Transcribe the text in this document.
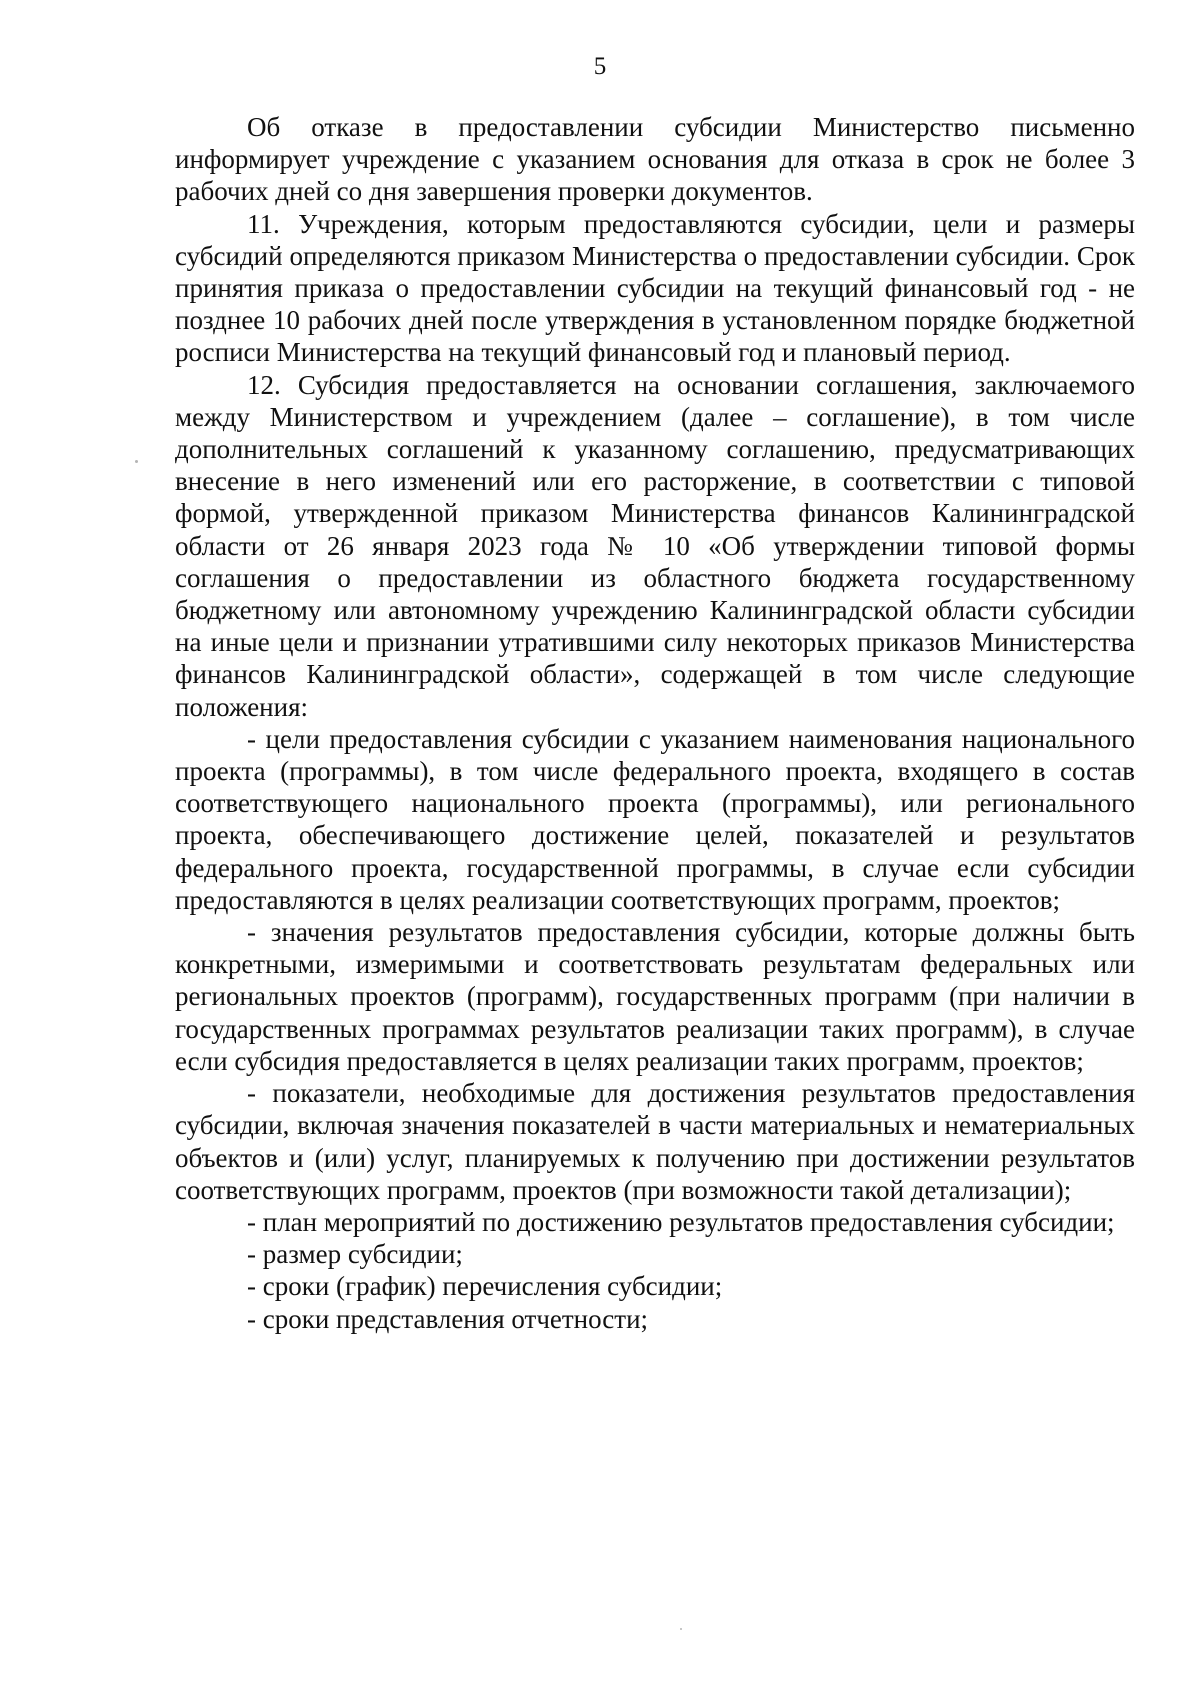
5

Об отказе в предоставлении субсидии Министерство письменно информирует учреждение с указанием основания для отказа в срок не более 3 рабочих дней со дня завершения проверки документов.

11. Учреждения, которым предоставляются субсидии, цели и размеры субсидий определяются приказом Министерства о предоставлении субсидии. Срок принятия приказа о предоставлении субсидии на текущий финансовый год - не позднее 10 рабочих дней после утверждения в установленном порядке бюджетной росписи Министерства на текущий финансовый год и плановый период.

12. Субсидия предоставляется на основании соглашения, заключаемого между Министерством и учреждением (далее – соглашение), в том числе дополнительных соглашений к указанному соглашению, предусматривающих внесение в него изменений или его расторжение, в соответствии с типовой формой, утвержденной приказом Министерства финансов Калининградской области от 26 января 2023 года № 10 «Об утверждении типовой формы соглашения о предоставлении из областного бюджета государственному бюджетному или автономному учреждению Калининградской области субсидии на иные цели и признании утратившими силу некоторых приказов Министерства финансов Калининградской области», содержащей в том числе следующие положения:

- цели предоставления субсидии с указанием наименования национального проекта (программы), в том числе федерального проекта, входящего в состав соответствующего национального проекта (программы), или регионального проекта, обеспечивающего достижение целей, показателей и результатов федерального проекта, государственной программы, в случае если субсидии предоставляются в целях реализации соответствующих программ, проектов;

- значения результатов предоставления субсидии, которые должны быть конкретными, измеримыми и соответствовать результатам федеральных или региональных проектов (программ), государственных программ (при наличии в государственных программах результатов реализации таких программ), в случае если субсидия предоставляется в целях реализации таких программ, проектов;

- показатели, необходимые для достижения результатов предоставления субсидии, включая значения показателей в части материальных и нематериальных объектов и (или) услуг, планируемых к получению при достижении результатов соответствующих программ, проектов (при возможности такой детализации);

- план мероприятий по достижению результатов предоставления субсидии;

- размер субсидии;

- сроки (график) перечисления субсидии;

- сроки представления отчетности;
